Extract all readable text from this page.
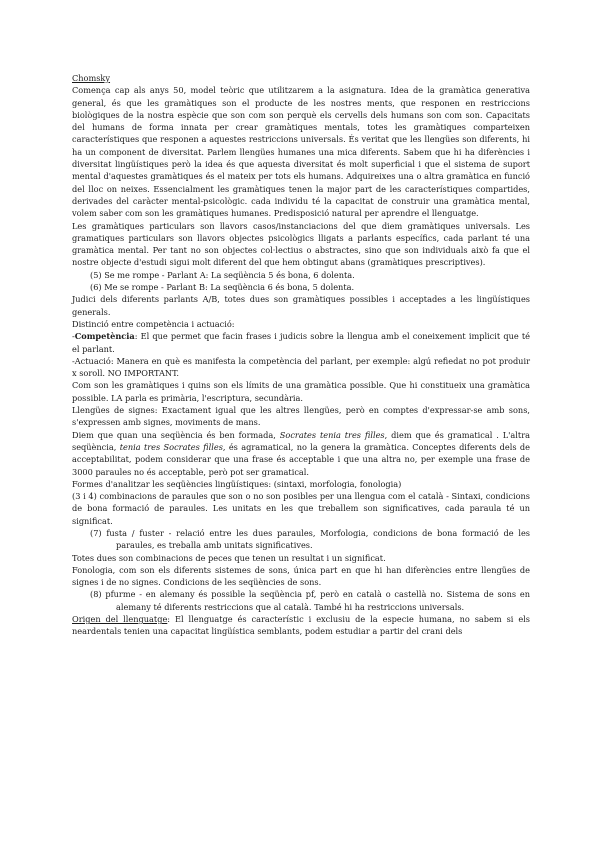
Chomsky

Comença cap als anys 50, model teòric que utilitzarem a la asignatura. Idea de la gramàtica generativa general, és que les gramàtiques son el producte de les nostres ments, que responen en restriccions biològiques de la nostra espècie que son com son perquè els cervells dels humans son com son. Capacitats del humans de forma innata per crear gramàtiques mentals, totes les gramàtiques comparteixen característiques que responen a aquestes restriccions universals. És veritat que les llengües son diferents, hi ha un component de diversitat. Parlem llengües humanes una mica diferents. Sabem que hi ha diferències i diversitat lingüístiques però la idea és que aquesta diversitat és molt superficial i que el sistema de suport mental d'aquestes gramàtiques és el mateix per tots els humans. Adquireixes una o altra gramàtica en funció del lloc on neixes. Essencialment les gramàtiques tenen la major part de les característiques compartides, derivades del caràcter mental-psicològic. cada individu té la capacitat de construir una gramàtica mental, volem saber com son les gramàtiques humanes. Predisposició natural per aprendre el llenguatge.

Les gramàtiques particulars son llavors casos/instanciacions del que diem gramàtiques universals. Les gramatiques particulars son llavors objectes psicològics lligats a parlants específics, cada parlant té una gramàtica mental. Per tant no son objectes col·lectius o abstractes, sino que son individuals això fa que el nostre objecte d'estudi sigui molt diferent del que hem obtingut abans (gramàtiques prescriptives).

(5) Se me rompe - Parlant A: La seqüència 5 és bona, 6 dolenta.

(6) Me se rompe - Parlant B: La seqüència 6 és bona, 5 dolenta.

Judici dels diferents parlants A/B, totes dues son gramàtiques possibles i acceptades a les lingüístiques generals.

Distinció entre competència i actuació:

-Competència: El que permet que facin frases i judicis sobre la llengua amb el coneixement implicit que té el parlant.

-Actuació: Manera en què es manifesta la competència del parlant, per exemple: algú refiedat no pot produir x soroll. NO IMPORTANT.

Com son les gramàtiques i quins son els límits de una gramàtica possible. Que hi constitueix una gramàtica possible. LA parla es primària, l'escriptura, secundària.

Llengües de signes: Exactament igual que les altres llengües, però en comptes d'expressar-se amb sons, s'expressen amb signes, moviments de mans.

Diem que quan una seqüència és ben formada, Socrates tenia tres filles, diem que és gramatical . L'altra seqüència, tenia tres Socrates filles, és agramatical, no la genera la gramàtica. Conceptes diferents dels de acceptabilitat, podem considerar que una frase és acceptable i que una altra no, per exemple una frase de 3000 paraules no és acceptable, però pot ser gramatical.

Formes d'analitzar les seqüències lingüístiques: (sintaxi, morfologia, fonologia)

(3 i 4) combinacions de paraules que son o no son posibles per una llengua com el català - Sintaxi, condicions de bona formació de paraules. Les unitats en les que treballem son significatives, cada paraula té un significat.

(7) fusta / fuster - relació entre les dues paraules, Morfologia, condicions de bona formació de les paraules, es treballa amb unitats significatives.

Totes dues son combinacions de peces que tenen un resultat i un significat.

Fonologia, com son els diferents sistemes de sons, única part en que hi han diferències entre llengües de signes i de no signes. Condicions de les seqüències de sons.

(8) pfurme - en alemany és possible la seqüència pf, però en català o castellà no. Sistema de sons en alemany té diferents restriccions que al català. També hi ha restriccions universals.

Origen del llenguatge: El llenguatge és característic i exclusiu de la especie humana, no sabem si els neardentals tenien una capacitat lingüística semblants, podem estudiar a partir del crani dels
